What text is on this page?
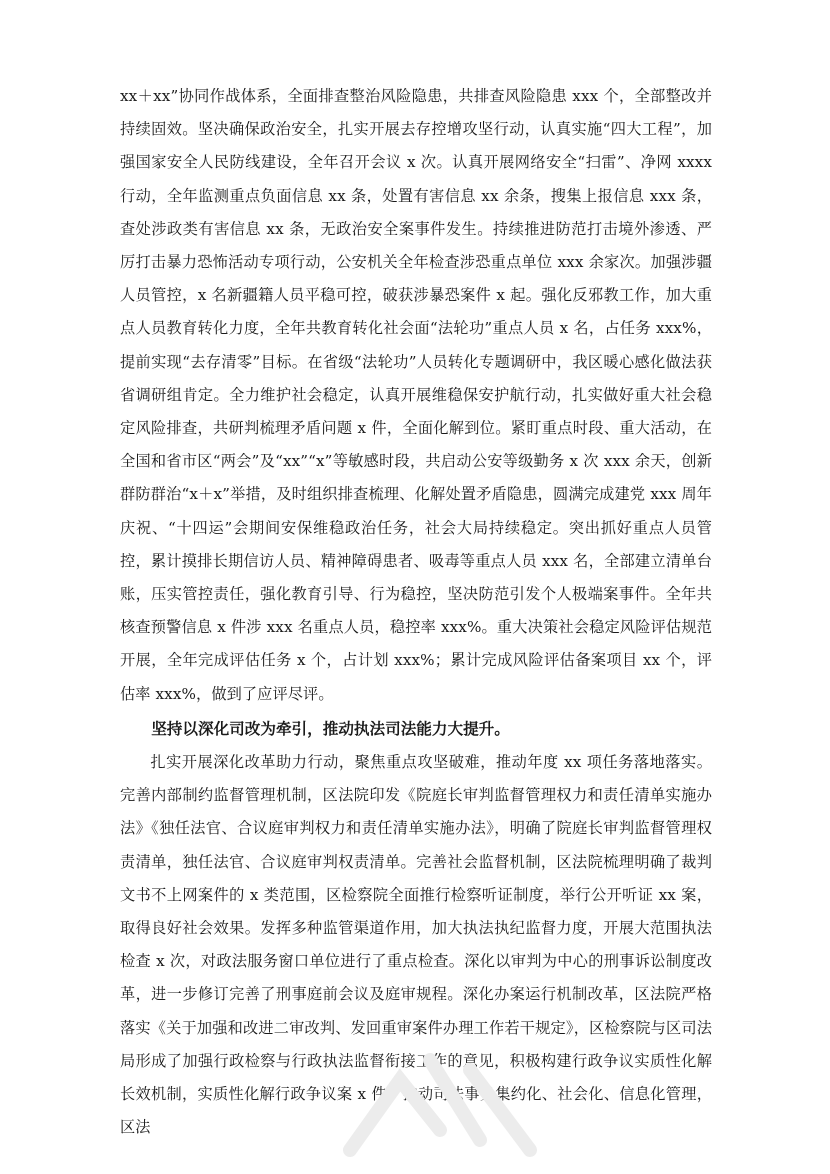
xx＋xx”协同作战体系，全面排查整治风险隐患，共排查风险隐患 xxx 个，全部整改并持续固效。坚决确保政治安全，扎实开展去存控增攻坚行动，认真实施“四大工程”，加强国家安全人民防线建设，全年召开会议 x 次。认真开展网络安全“扫雷”、净网 xxxx 行动，全年监测重点负面信息 xx 条，处置有害信息 xx 余条，搜集上报信息 xxx 条，查处涉政类有害信息 xx 条，无政治安全案事件发生。持续推进防范打击境外渗透、严厉打击暴力恐怖活动专项行动，公安机关全年检查涉恐重点单位 xxx 余家次。加强涉疆人员管控，x 名新疆籍人员平稳可控，破获涉暴恐案件 x 起。强化反邪教工作，加大重点人员教育转化力度，全年共教育转化社会面“法轮功”重点人员 x 名，占任务 xxx%，提前实现“去存清零”目标。在省级“法轮功”人员转化专题调研中，我区暖心感化做法获省调研组肯定。全力维护社会稳定，认真开展维稳保安护航行动，扎实做好重大社会稳定风险排查，共研判梳理矛盾问题 x 件，全面化解到位。紧盯重点时段、重大活动，在全国和省市区“两会”及“xx”“x”等敏感时段，共启动公安等级勤务 x 次 xxx 余天，创新群防群治“x＋x”举措，及时组织排查梳理、化解处置矛盾隐患，圆满完成建党 xxx 周年庆祝、“十四运”会期间安保维稳政治任务，社会大局持续稳定。突出抓好重点人员管控，累计摸排长期信访人员、精神障碍患者、吸毒等重点人员 xxx 名，全部建立清单台账，压实管控责任，强化教育引导、行为稳控，坚决防范引发个人极端案事件。全年共核查预警信息 x 件涉 xxx 名重点人员，稳控率 xxx%。重大决策社会稳定风险评估规范开展，全年完成评估任务 x 个，占计划 xxx%；累计完成风险评估备案项目 xx 个，评估率 xxx%，做到了应评尽评。

坚持以深化司改为牵引，推动执法司法能力大提升。

扎实开展深化改革助力行动，聚焦重点攻坚破难，推动年度 xx 项任务落地落实。完善内部制约监督管理机制，区法院印发《院庭长审判监督管理权力和责任清单实施办法》《独任法官、合议庭审判权力和责任清单实施办法》，明确了院庭长审判监督管理权责清单，独任法官、合议庭审判权责清单。完善社会监督机制，区法院梳理明确了裁判文书不上网案件的 x 类范围，区检察院全面推行检察听证制度，举行公开听证 xx 案，取得良好社会效果。发挥多种监管渠道作用，加大执法执纪监督力度，开展大范围执法检查 x 次，对政法服务窗口单位进行了重点检查。深化以审判为中心的刑事诉讼制度改革，进一步修订完善了刑事庭前会议及庭审规程。深化办案运行机制改革，区法院严格落实《关于加强和改进二审改判、发回重审案件办理工作若干规定》，区检察院与区司法局形成了加强行政检察与行政执法监督衔接工作的意见，积极构建行政争议实质性化解长效机制，实质性化解行政争议案 x 件。推动司法事务集约化、社会化、信息化管理，区法
